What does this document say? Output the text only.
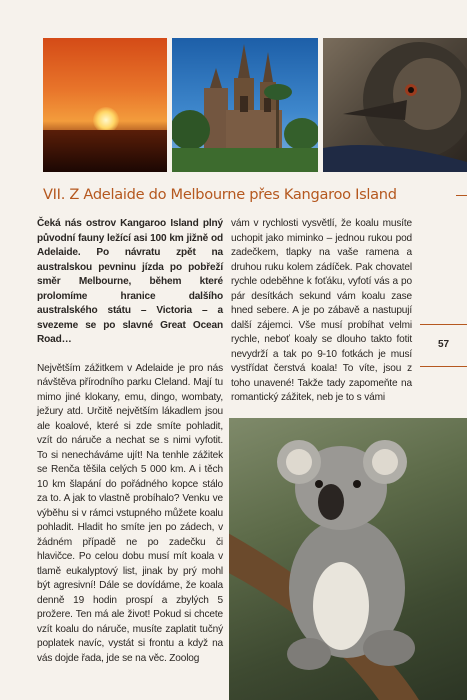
VII. Z Adelaide do Melbourne přes Kangaroo Island

Čeká nás ostrov Kangaroo Island plný původní fauny ležící asi 100 km jižně od Adelaide. Po návratu zpět na australskou pevninu jízda po pobřeží směr Melbourne, během které prolomíme hranice dalšího australského státu – Victoria – a svezeme se po slavné Great Ocean Road…

Největším zážitkem v Adelaide je pro nás návštěva přírodního parku Cleland. Mají tu mimo jiné klokany, emu, dingo, wombaty, ježury atd. Určitě největším lákadlem jsou ale koalové, které si zde smíte pohladit, vzít do náruče a nechat se s nimi vyfotit. To si nenecháváme ujít! Na tenhle zážitek se Renča těšila celých 5 000 km. A i těch 10 km šlapání do pořádného kopce stálo za to. A jak to vlastně probíhalo? Venku ve výběhu si v rámci vstupného můžete koalu pohladit. Hladit ho smíte jen po zádech, v žádném případě ne po zadečku či hlavičce. Po celou dobu musí mít koala v tlamě eukalyptový list, jinak by prý mohl být agresivní! Dále se dovídáme, že koala denně 19 hodin prospí a zbylých 5 prožere. Ten má ale život! Pokud si chcete vzít koalu do náruče, musíte zaplatit tučný poplatek navíc, vystát si frontu a když na vás dojde řada, jde se na věc. Zoolog

vám v rychlosti vysvětlí, že koalu musíte uchopit jako miminko – jednou rukou pod zadečkem, tlapky na vaše ramena a druhou ruku kolem zádíček. Pak chovatel rychle odeběhne k foťáku, vyfotí vás a po pár desítkách sekund vám koalu zase hned sebere. A je po zábavě a nastupují další zájemci. Vše musí probíhat velmi rychle, neboť koaly se dlouho takto fotit nevydrží a tak po 9-10 fotkách je musí vystřídat čerstvá koala! To víte, jsou z toho unavené! Takže tady zapomeňte na romantický zážitek, neb je to s vámi

57
